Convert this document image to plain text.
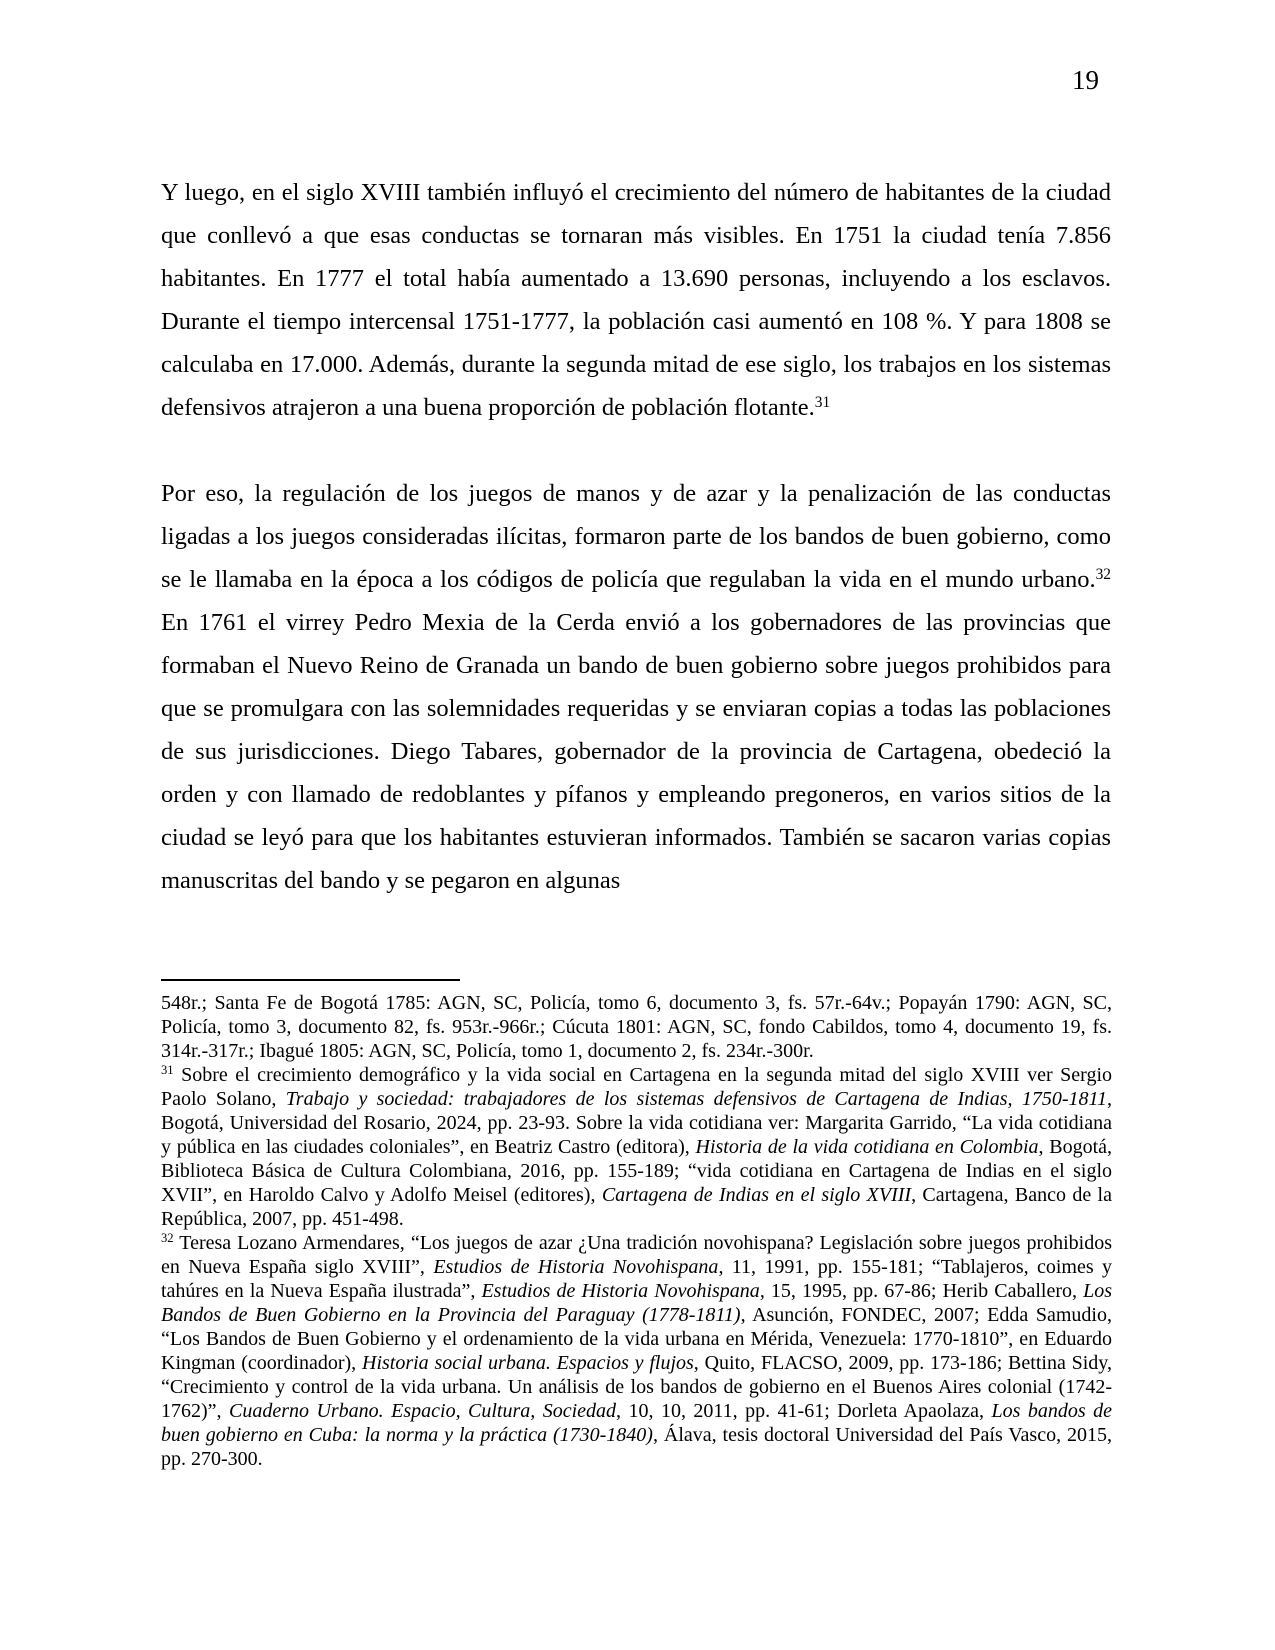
19

Y luego, en el siglo XVIII también influyó el crecimiento del número de habitantes de la ciudad que conllevó a que esas conductas se tornaran más visibles. En 1751 la ciudad tenía 7.856 habitantes. En 1777 el total había aumentado a 13.690 personas, incluyendo a los esclavos. Durante el tiempo intercensal 1751-1777, la población casi aumentó en 108 %. Y para 1808 se calculaba en 17.000. Además, durante la segunda mitad de ese siglo, los trabajos en los sistemas defensivos atrajeron a una buena proporción de población flotante.$^{31}$

Por eso, la regulación de los juegos de manos y de azar y la penalización de las conductas ligadas a los juegos consideradas ilícitas, formaron parte de los bandos de buen gobierno, como se le llamaba en la época a los códigos de policía que regulaban la vida en el mundo urbano.$^{32}$ En 1761 el virrey Pedro Mexia de la Cerda envió a los gobernadores de las provincias que formaban el Nuevo Reino de Granada un bando de buen gobierno sobre juegos prohibidos para que se promulgara con las solemnidades requeridas y se enviaran copias a todas las poblaciones de sus jurisdicciones. Diego Tabares, gobernador de la provincia de Cartagena, obedeció la orden y con llamado de redoblantes y pífanos y empleando pregoneros, en varios sitios de la ciudad se leyó para que los habitantes estuvieran informados. También se sacaron varias copias manuscritas del bando y se pegaron en algunas

548r.; Santa Fe de Bogotá 1785: AGN, SC, Policía, tomo 6, documento 3, fs. 57r.-64v.; Popayán 1790: AGN, SC, Policía, tomo 3, documento 82, fs. 953r.-966r.; Cúcuta 1801: AGN, SC, fondo Cabildos, tomo 4, documento 19, fs. 314r.-317r.; Ibagué 1805: AGN, SC, Policía, tomo 1, documento 2, fs. 234r.-300r.

$^{31}$ Sobre el crecimiento demográfico y la vida social en Cartagena en la segunda mitad del siglo XVIII ver Sergio Paolo Solano, Trabajo y sociedad: trabajadores de los sistemas defensivos de Cartagena de Indias, 1750-1811, Bogotá, Universidad del Rosario, 2024, pp. 23-93. Sobre la vida cotidiana ver: Margarita Garrido, “La vida cotidiana y pública en las ciudades coloniales”, en Beatriz Castro (editora), Historia de la vida cotidiana en Colombia, Bogotá, Biblioteca Básica de Cultura Colombiana, 2016, pp. 155-189; “vida cotidiana en Cartagena de Indias en el siglo XVII”, en Haroldo Calvo y Adolfo Meisel (editores), Cartagena de Indias en el siglo XVIII, Cartagena, Banco de la República, 2007, pp. 451-498.

$^{32}$ Teresa Lozano Armendares, “Los juegos de azar ¿Una tradición novohispana? Legislación sobre juegos prohibidos en Nueva España siglo XVIII”, Estudios de Historia Novohispana, 11, 1991, pp. 155-181; “Tablajeros, coimes y tahúres en la Nueva España ilustrada”, Estudios de Historia Novohispana, 15, 1995, pp. 67-86; Herib Caballero, Los Bandos de Buen Gobierno en la Provincia del Paraguay (1778-1811), Asunción, FONDEC, 2007; Edda Samudio, “Los Bandos de Buen Gobierno y el ordenamiento de la vida urbana en Mérida, Venezuela: 1770-1810”, en Eduardo Kingman (coordinador), Historia social urbana. Espacios y flujos, Quito, FLACSO, 2009, pp. 173-186; Bettina Sidy, “Crecimiento y control de la vida urbana. Un análisis de los bandos de gobierno en el Buenos Aires colonial (1742-1762)”, Cuaderno Urbano. Espacio, Cultura, Sociedad, 10, 10, 2011, pp. 41-61; Dorleta Apaolaza, Los bandos de buen gobierno en Cuba: la norma y la práctica (1730-1840), Álava, tesis doctoral Universidad del País Vasco, 2015, pp. 270-300.
